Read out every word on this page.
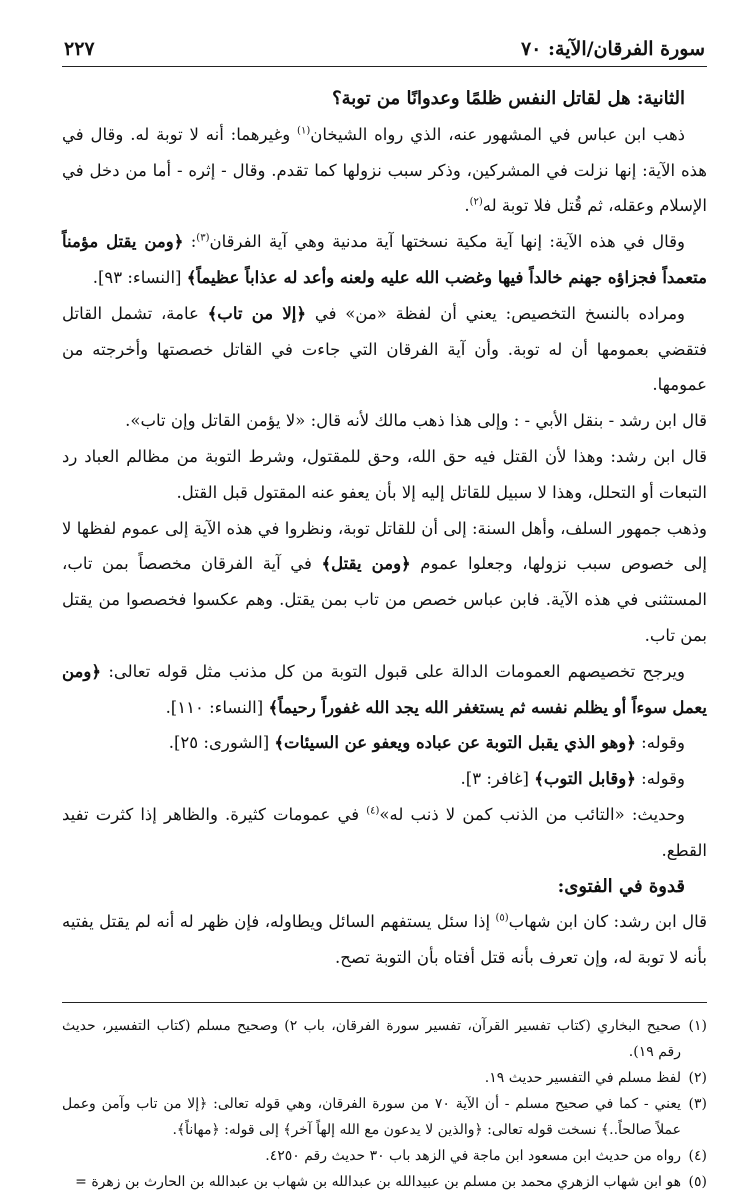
سورة الفرقان/الآية: ٧٠
٢٢٧

الثانية: هل لقاتل النفس ظلمًا وعدوانًا من توبة؟

ذهب ابن عباس في المشهور عنه، الذي رواه الشيخان$^{(١)}$ وغيرهما: أنه لا توبة له. وقال في هذه الآية: إنها نزلت في المشركين، وذكر سبب نزولها كما تقدم. وقال - إثره - أما من دخل في الإسلام وعقله، ثم قُتل فلا توبة له$^{(٢)}$.

وقال في هذه الآية: إنها آية مكية نسختها آية مدنية وهي آية الفرقان$^{(٣)}$: ﴿ومن يقتل مؤمناً متعمداً فجزاؤه جهنم خالداً فيها وغضب الله عليه ولعنه وأعد له عذاباً عظيماً﴾ [النساء: ٩٣].

ومراده بالنسخ التخصيص: يعني أن لفظة «من» في ﴿إلا من تاب﴾ عامة، تشمل القاتل فتقضي بعمومها أن له توبة. وأن آية الفرقان التي جاءت في القاتل خصصتها وأخرجته من عمومها.

قال ابن رشد - بنقل الأبي - : وإلى هذا ذهب مالك لأنه قال: «لا يؤمن القاتل وإن تاب».

قال ابن رشد: وهذا لأن القتل فيه حق الله، وحق للمقتول، وشرط التوبة من مظالم العباد رد التبعات أو التحلل، وهذا لا سبيل للقاتل إليه إلا بأن يعفو عنه المقتول قبل القتل.

وذهب جمهور السلف، وأهل السنة: إلى أن للقاتل توبة، ونظروا في هذه الآية إلى عموم لفظها لا إلى خصوص سبب نزولها، وجعلوا عموم ﴿ومن يقتل﴾ في آية الفرقان مخصصاً بمن تاب، المستثنى في هذه الآية. فابن عباس خصص من تاب بمن يقتل. وهم عكسوا فخصصوا من يقتل بمن تاب.

ويرجح تخصيصهم العمومات الدالة على قبول التوبة من كل مذنب مثل قوله تعالى: ﴿ومن يعمل سوءاً أو يظلم نفسه ثم يستغفر الله يجد الله غفوراً رحيماً﴾ [النساء: ١١٠].

وقوله: ﴿وهو الذي يقبل التوبة عن عباده ويعفو عن السيئات﴾ [الشورى: ٢٥].

وقوله: ﴿وقابل التوب﴾ [غافر: ٣].

وحديث: «التائب من الذنب كمن لا ذنب له»$^{(٤)}$ في عمومات كثيرة. والظاهر إذا كثرت تفيد القطع.

قدوة في الفتوى:

قال ابن رشد: كان ابن شهاب$^{(٥)}$ إذا سئل يستفهم السائل ويطاوله، فإن ظهر له أنه لم يقتل يفتيه بأنه لا توبة له، وإن تعرف بأنه قتل أفتاه بأن التوبة تصح.

(١)
صحيح البخاري (كتاب تفسير القرآن، تفسير سورة الفرقان، باب ٢) وصحيح مسلم (كتاب التفسير، حديث رقم ١٩).
(٢)
لفظ مسلم في التفسير حديث ١٩.
(٣)
يعني - كما في صحيح مسلم - أن الآية ٧٠ من سورة الفرقان، وهي قوله تعالى: ﴿إلا من تاب وآمن وعمل عملاً صالحاً..﴾ نسخت قوله تعالى: ﴿والذين لا يدعون مع الله إلهاً آخر﴾ إلى قوله: ﴿مهاناً﴾.
(٤)
رواه من حديث ابن مسعود ابن ماجة في الزهد باب ٣٠ حديث رقم ٤٢٥٠.
(٥)
هو ابن شهاب الزهري محمد بن مسلم بن عبيدالله بن عبدالله بن شهاب بن عبدالله بن الحارث بن زهرة =
